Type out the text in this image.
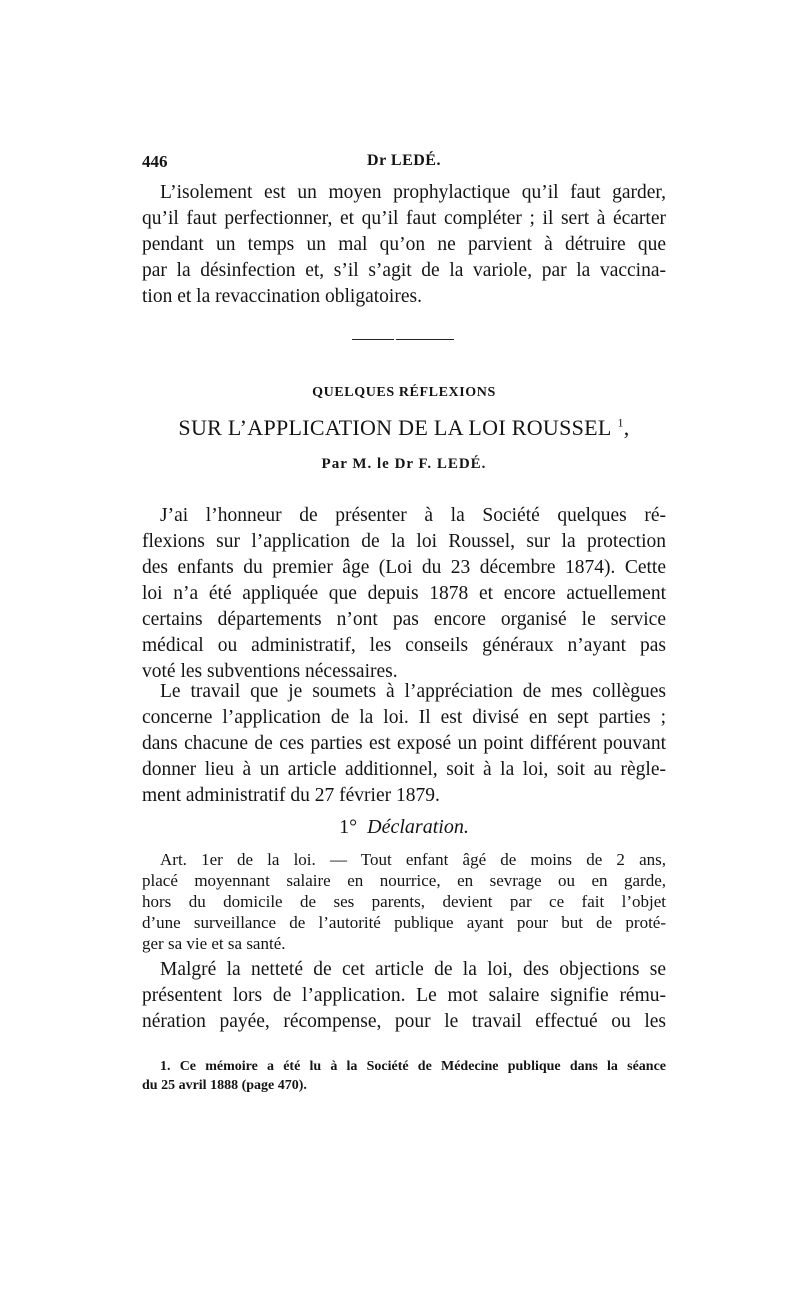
446	Dr LEDÉ.
L’isolement est un moyen prophylactique qu’il faut garder,
qu’il faut perfectionner, et qu’il faut compléter ; il sert à écarter
pendant un temps un mal qu’on ne parvient à détruire que
par la désinfection et, s’il s’agit de la variole, par la vaccina-
tion et la revaccination obligatoires.
QUELQUES RÉFLEXIONS
SUR L’APPLICATION DE LA LOI ROUSSEL $^1$,
Par M. le Dr F. LEDÉ.
J’ai l’honneur de présenter à la Société quelques ré-
flexions sur l’application de la loi Roussel, sur la protection
des enfants du premier âge (Loi du 23 décembre 1874). Cette
loi n’a été appliquée que depuis 1878 et encore actuellement
certains départements n’ont pas encore organisé le service
médical ou administratif, les conseils généraux n’ayant pas
voté les subventions nécessaires.
Le travail que je soumets à l’appréciation de mes collègues
concerne l’application de la loi. Il est divisé en sept parties ;
dans chacune de ces parties est exposé un point différent pouvant
donner lieu à un article additionnel, soit à la loi, soit au règle-
ment administratif du 27 février 1879.
1° Déclaration.
Art. 1er de la loi. — Tout enfant âgé de moins de 2 ans,
placé moyennant salaire en nourrice, en sevrage ou en garde,
hors du domicile de ses parents, devient par ce fait l’objet
d’une surveillance de l’autorité publique ayant pour but de proté-
ger sa vie et sa santé.
Malgré la netteté de cet article de la loi, des objections se
présentent lors de l’application. Le mot salaire signifie rému-
nération payée, récompense, pour le travail effectué ou les
1. Ce mémoire a été lu à la Société de Médecine publique dans la séance
du 25 avril 1888 (page 470).
